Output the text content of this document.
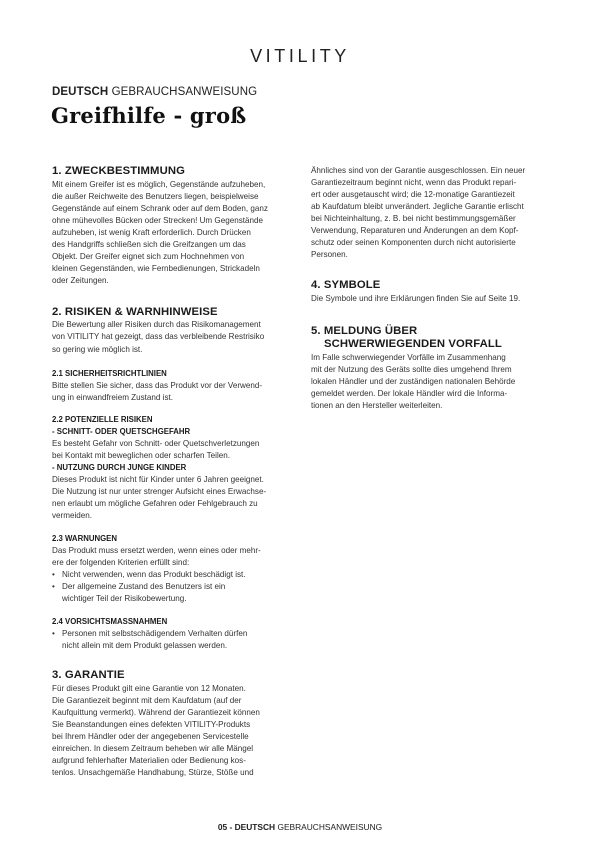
VITILITY
DEUTSCH GEBRAUCHSANWEISUNG
Greifhilfe - groß
1. ZWECKBESTIMMUNG

Mit einem Greifer ist es möglich, Gegenstände aufzuheben,

die außer Reichweite des Benutzers liegen, beispielweise

Gegenstände auf einem Schrank oder auf dem Boden, ganz

ohne mühevolles Bücken oder Strecken! Um Gegenstände

aufzuheben, ist wenig Kraft erforderlich. Durch Drücken

des Handgriffs schließen sich die Greifzangen um das

Objekt. Der Greifer eignet sich zum Hochnehmen von

kleinen Gegenständen, wie Fernbedienungen, Strickadeln

oder Zeitungen.

2. RISIKEN & WARNHINWEISE

Die Bewertung aller Risiken durch das Risikomanagement

von VITILITY hat gezeigt, dass das verbleibende Restrisiko

so gering wie möglich ist.

2.1 SICHERHEITSRICHTLINIEN

Bitte stellen Sie sicher, dass das Produkt vor der Verwend-

ung in einwandfreiem Zustand ist.

2.2 POTENZIELLE RISIKEN
- SCHNITT- ODER QUETSCHGEFAHR

Es besteht Gefahr von Schnitt- oder Quetschverletzungen

bei Kontakt mit beweglichen oder scharfen Teilen.

- NUTZUNG DURCH JUNGE KINDER

Dieses Produkt ist nicht für Kinder unter 6 Jahren geeignet.

Die Nutzung ist nur unter strenger Aufsicht eines Erwachse-

nen erlaubt um mögliche Gefahren oder Fehlgebrauch zu

vermeiden.

2.3 WARNUNGEN

Das Produkt muss ersetzt werden, wenn eines oder mehr-

ere der folgenden Kriterien erfüllt sind:

• Nicht verwenden, wenn das Produkt beschädigt ist.
• Der allgemeine Zustand des Benutzers ist ein
wichtiger Teil der Risikobewertung.
2.4 VORSICHTSMASSNAHMEN
• Personen mit selbstschädigendem Verhalten dürfen
nicht allein mit dem Produkt gelassen werden.
3. GARANTIE

Für dieses Produkt gilt eine Garantie von 12 Monaten.

Die Garantiezeit beginnt mit dem Kaufdatum (auf der

Kaufquittung vermerkt). Während der Garantiezeit können

Sie Beanstandungen eines defekten VITILITY-Produkts

bei Ihrem Händler oder der angegebenen Servicestelle

einreichen. In diesem Zeitraum beheben wir alle Mängel

aufgrund fehlerhafter Materialien oder Bedienung kos-

tenlos. Unsachgemäße Handhabung, Stürze, Stöße und

Ähnliches sind von der Garantie ausgeschlossen. Ein neuer

Garantiezeitraum beginnt nicht, wenn das Produkt repari-

ert oder ausgetauscht wird; die 12-monatige Garantiezeit

ab Kaufdatum bleibt unverändert. Jegliche Garantie erlischt

bei Nichteinhaltung, z. B. bei nicht bestimmungsgemäßer

Verwendung, Reparaturen und Änderungen an dem Kopf-

schutz oder seinen Komponenten durch nicht autorisierte

Personen.

4. SYMBOLE

Die Symbole und ihre Erklärungen finden Sie auf Seite 19.

5. MELDUNG ÜBER
SCHWERWIEGENDEN VORFALL

Im Falle schwerwiegender Vorfälle im Zusammenhang

mit der Nutzung des Geräts sollte dies umgehend Ihrem

lokalen Händler und der zuständigen nationalen Behörde

gemeldet werden. Der lokale Händler wird die Informa-

tionen an den Hersteller weiterleiten.

05 - DEUTSCH GEBRAUCHSANWEISUNG
